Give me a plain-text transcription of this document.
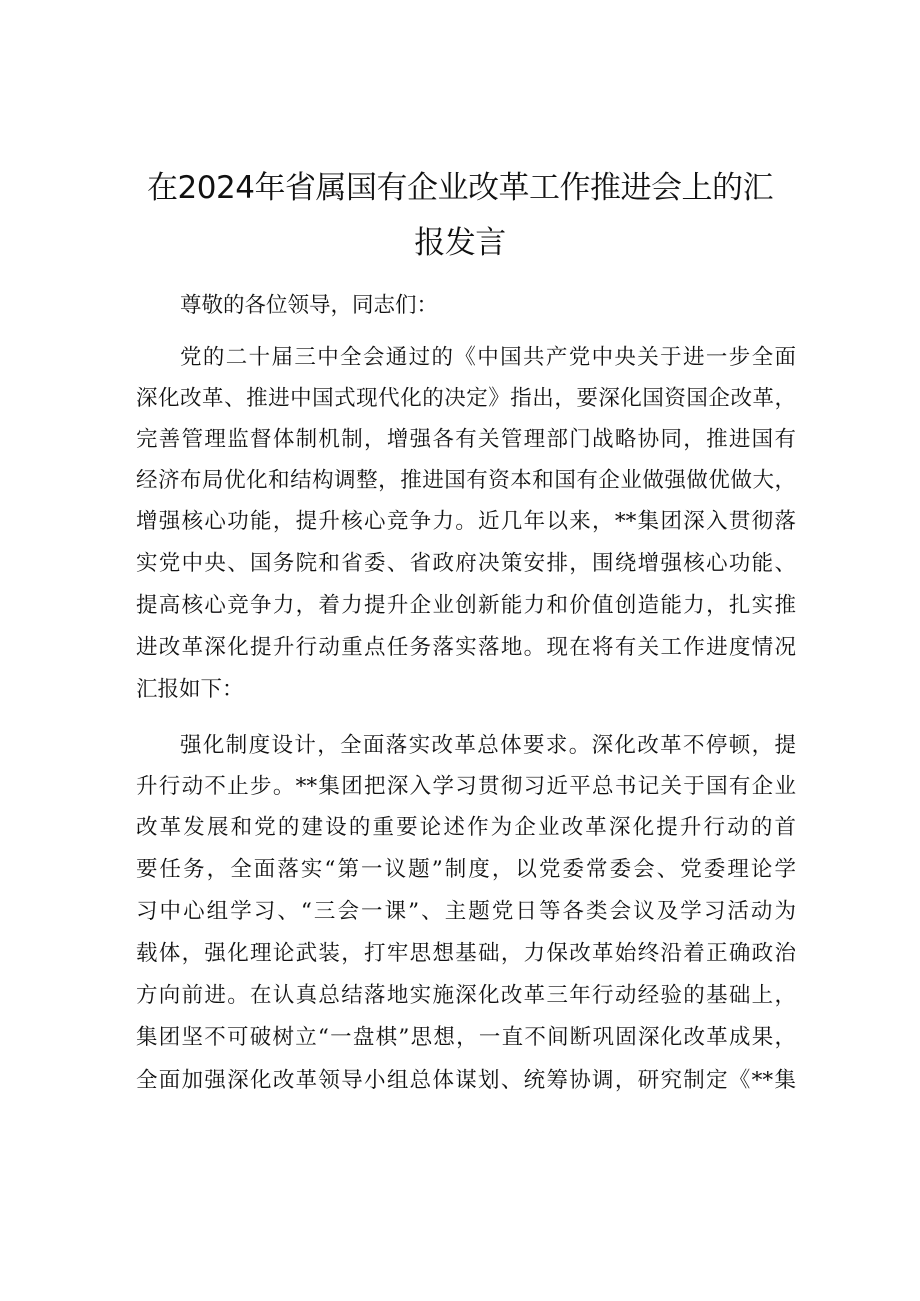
在2024年省属国有企业改革工作推进会上的汇
报发言
尊敬的各位领导，同志们：
党的二十届三中全会通过的《中国共产党中央关于进一步全面
深化改革、推进中国式现代化的决定》指出，要深化国资国企改革，
完善管理监督体制机制，增强各有关管理部门战略协同，推进国有
经济布局优化和结构调整，推进国有资本和国有企业做强做优做大，
增强核心功能，提升核心竞争力。近几年以来，**集团深入贯彻落
实党中央、国务院和省委、省政府决策安排，围绕增强核心功能、
提高核心竞争力，着力提升企业创新能力和价值创造能力，扎实推
进改革深化提升行动重点任务落实落地。现在将有关工作进度情况
汇报如下：
强化制度设计，全面落实改革总体要求。深化改革不停顿，提
升行动不止步。**集团把深入学习贯彻习近平总书记关于国有企业
改革发展和党的建设的重要论述作为企业改革深化提升行动的首
要任务，全面落实“第一议题”制度，以党委常委会、党委理论学
习中心组学习、“三会一课”、主题党日等各类会议及学习活动为
载体，强化理论武装，打牢思想基础，力保改革始终沿着正确政治
方向前进。在认真总结落地实施深化改革三年行动经验的基础上，
集团坚不可破树立“一盘棋”思想，一直不间断巩固深化改革成果，
全面加强深化改革领导小组总体谋划、统筹协调，研究制定《**集
